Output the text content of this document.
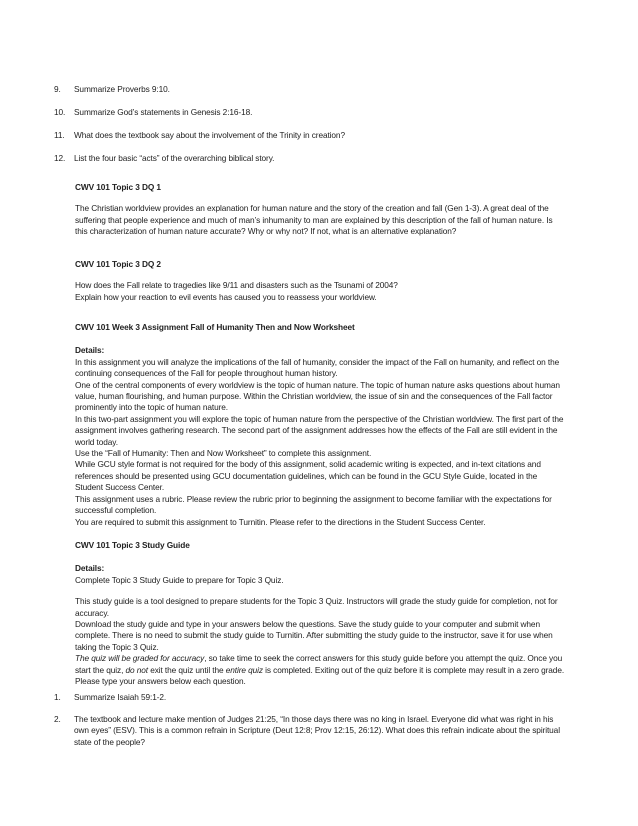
9.	Summarize Proverbs 9:10.
10.	Summarize God’s statements in Genesis 2:16-18.
11.	What does the textbook say about the involvement of the Trinity in creation?
12.	List the four basic “acts” of the overarching biblical story.

CWV 101 Topic 3 DQ 1

The Christian worldview provides an explanation for human nature and the story of the creation and fall (Gen 1-3). A great deal of the suffering that people experience and much of man’s inhumanity to man are explained by this description of the fall of human nature. Is this characterization of human nature accurate? Why or why not? If not, what is an alternative explanation?

CWV 101 Topic 3 DQ 2

How does the Fall relate to tragedies like 9/11 and disasters such as the Tsunami of 2004?

Explain how your reaction to evil events has caused you to reassess your worldview.

CWV 101 Week 3 Assignment Fall of Humanity Then and Now Worksheet

Details:

In this assignment you will analyze the implications of the fall of humanity, consider the impact of the Fall on humanity, and reflect on the continuing consequences of the Fall for people throughout human history.

One of the central components of every worldview is the topic of human nature. The topic of human nature asks questions about human value, human flourishing, and human purpose. Within the Christian worldview, the issue of sin and the consequences of the Fall factor prominently into the topic of human nature.

In this two-part assignment you will explore the topic of human nature from the perspective of the Christian worldview. The first part of the assignment involves gathering research. The second part of the assignment addresses how the effects of the Fall are still evident in the world today.

Use the “Fall of Humanity: Then and Now Worksheet” to complete this assignment.

While GCU style format is not required for the body of this assignment, solid academic writing is expected, and in-text citations and references should be presented using GCU documentation guidelines, which can be found in the GCU Style Guide, located in the Student Success Center.

This assignment uses a rubric. Please review the rubric prior to beginning the assignment to become familiar with the expectations for successful completion.

You are required to submit this assignment to Turnitin. Please refer to the directions in the Student Success Center.

CWV 101 Topic 3 Study Guide

Details:

Complete Topic 3 Study Guide to prepare for Topic 3 Quiz.

This study guide is a tool designed to prepare students for the Topic 3 Quiz. Instructors will grade the study guide for completion, not for accuracy.

Download the study guide and type in your answers below the questions. Save the study guide to your computer and submit when complete. There is no need to submit the study guide to Turnitin. After submitting the study guide to the instructor, save it for use when taking the Topic 3 Quiz.

The quiz will be graded for accuracy, so take time to seek the correct answers for this study guide before you attempt the quiz. Once you start the quiz, do not exit the quiz until the entire quiz is completed. Exiting out of the quiz before it is complete may result in a zero grade.

Please type your answers below each question.

1.	Summarize Isaiah 59:1-2.
2.	The textbook and lecture make mention of Judges 21:25, “In those days there was no king in Israel. Everyone did what was right in his own eyes” (ESV). This is a common refrain in Scripture (Deut 12:8; Prov 12:15, 26:12). What does this refrain indicate about the spiritual state of the people?
